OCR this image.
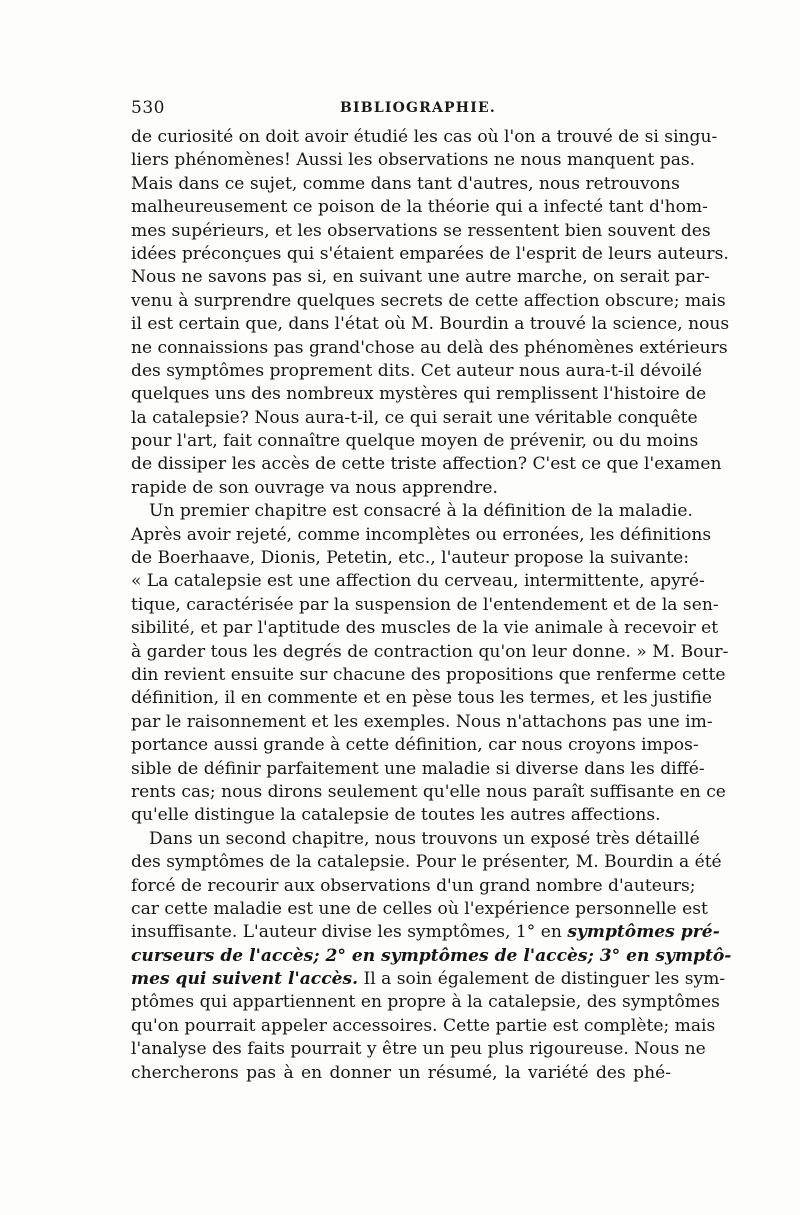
530	BIBLIOGRAPHIE.
de curiosité on doit avoir étudié les cas où l'on a trouvé de si singu-
liers phénomènes! Aussi les observations ne nous manquent pas.
Mais dans ce sujet, comme dans tant d'autres, nous retrouvons
malheureusement ce poison de la théorie qui a infecté tant d'hom-
mes supérieurs, et les observations se ressentent bien souvent des
idées préconçues qui s'étaient emparées de l'esprit de leurs auteurs.
Nous ne savons pas si, en suivant une autre marche, on serait par-
venu à surprendre quelques secrets de cette affection obscure; mais
il est certain que, dans l'état où M. Bourdin a trouvé la science, nous
ne connaissions pas grand'chose au delà des phénomènes extérieurs
des symptômes proprement dits. Cet auteur nous aura-t-il dévoilé
quelques uns des nombreux mystères qui remplissent l'histoire de
la catalepsie? Nous aura-t-il, ce qui serait une véritable conquête
pour l'art, fait connaître quelque moyen de prévenir, ou du moins
de dissiper les accès de cette triste affection? C'est ce que l'examen
rapide de son ouvrage va nous apprendre.
Un premier chapitre est consacré à la définition de la maladie.
Après avoir rejeté, comme incomplètes ou erronées, les définitions
de Boerhaave, Dionis, Petetin, etc., l'auteur propose la suivante:
« La catalepsie est une affection du cerveau, intermittente, apyré-
tique, caractérisée par la suspension de l'entendement et de la sen-
sibilité, et par l'aptitude des muscles de la vie animale à recevoir et
à garder tous les degrés de contraction qu'on leur donne. » M. Bour-
din revient ensuite sur chacune des propositions que renferme cette
définition, il en commente et en pèse tous les termes, et les justifie
par le raisonnement et les exemples. Nous n'attachons pas une im-
portance aussi grande à cette définition, car nous croyons impos-
sible de définir parfaitement une maladie si diverse dans les diffé-
rents cas; nous dirons seulement qu'elle nous paraît suffisante en ce
qu'elle distingue la catalepsie de toutes les autres affections.
Dans un second chapitre, nous trouvons un exposé très détaillé
des symptômes de la catalepsie. Pour le présenter, M. Bourdin a été
forcé de recourir aux observations d'un grand nombre d'auteurs;
car cette maladie est une de celles où l'expérience personnelle est
insuffisante. L'auteur divise les symptômes, 1° en symptômes pré-
curseurs de l'accès; 2° en symptômes de l'accès; 3° en symptô-
mes qui suivent l'accès. Il a soin également de distinguer les sym-
ptômes qui appartiennent en propre à la catalepsie, des symptômes
qu'on pourrait appeler accessoires. Cette partie est complète; mais
l'analyse des faits pourrait y être un peu plus rigoureuse. Nous ne
chercherons pas à en donner un résumé, la variété des phé-
